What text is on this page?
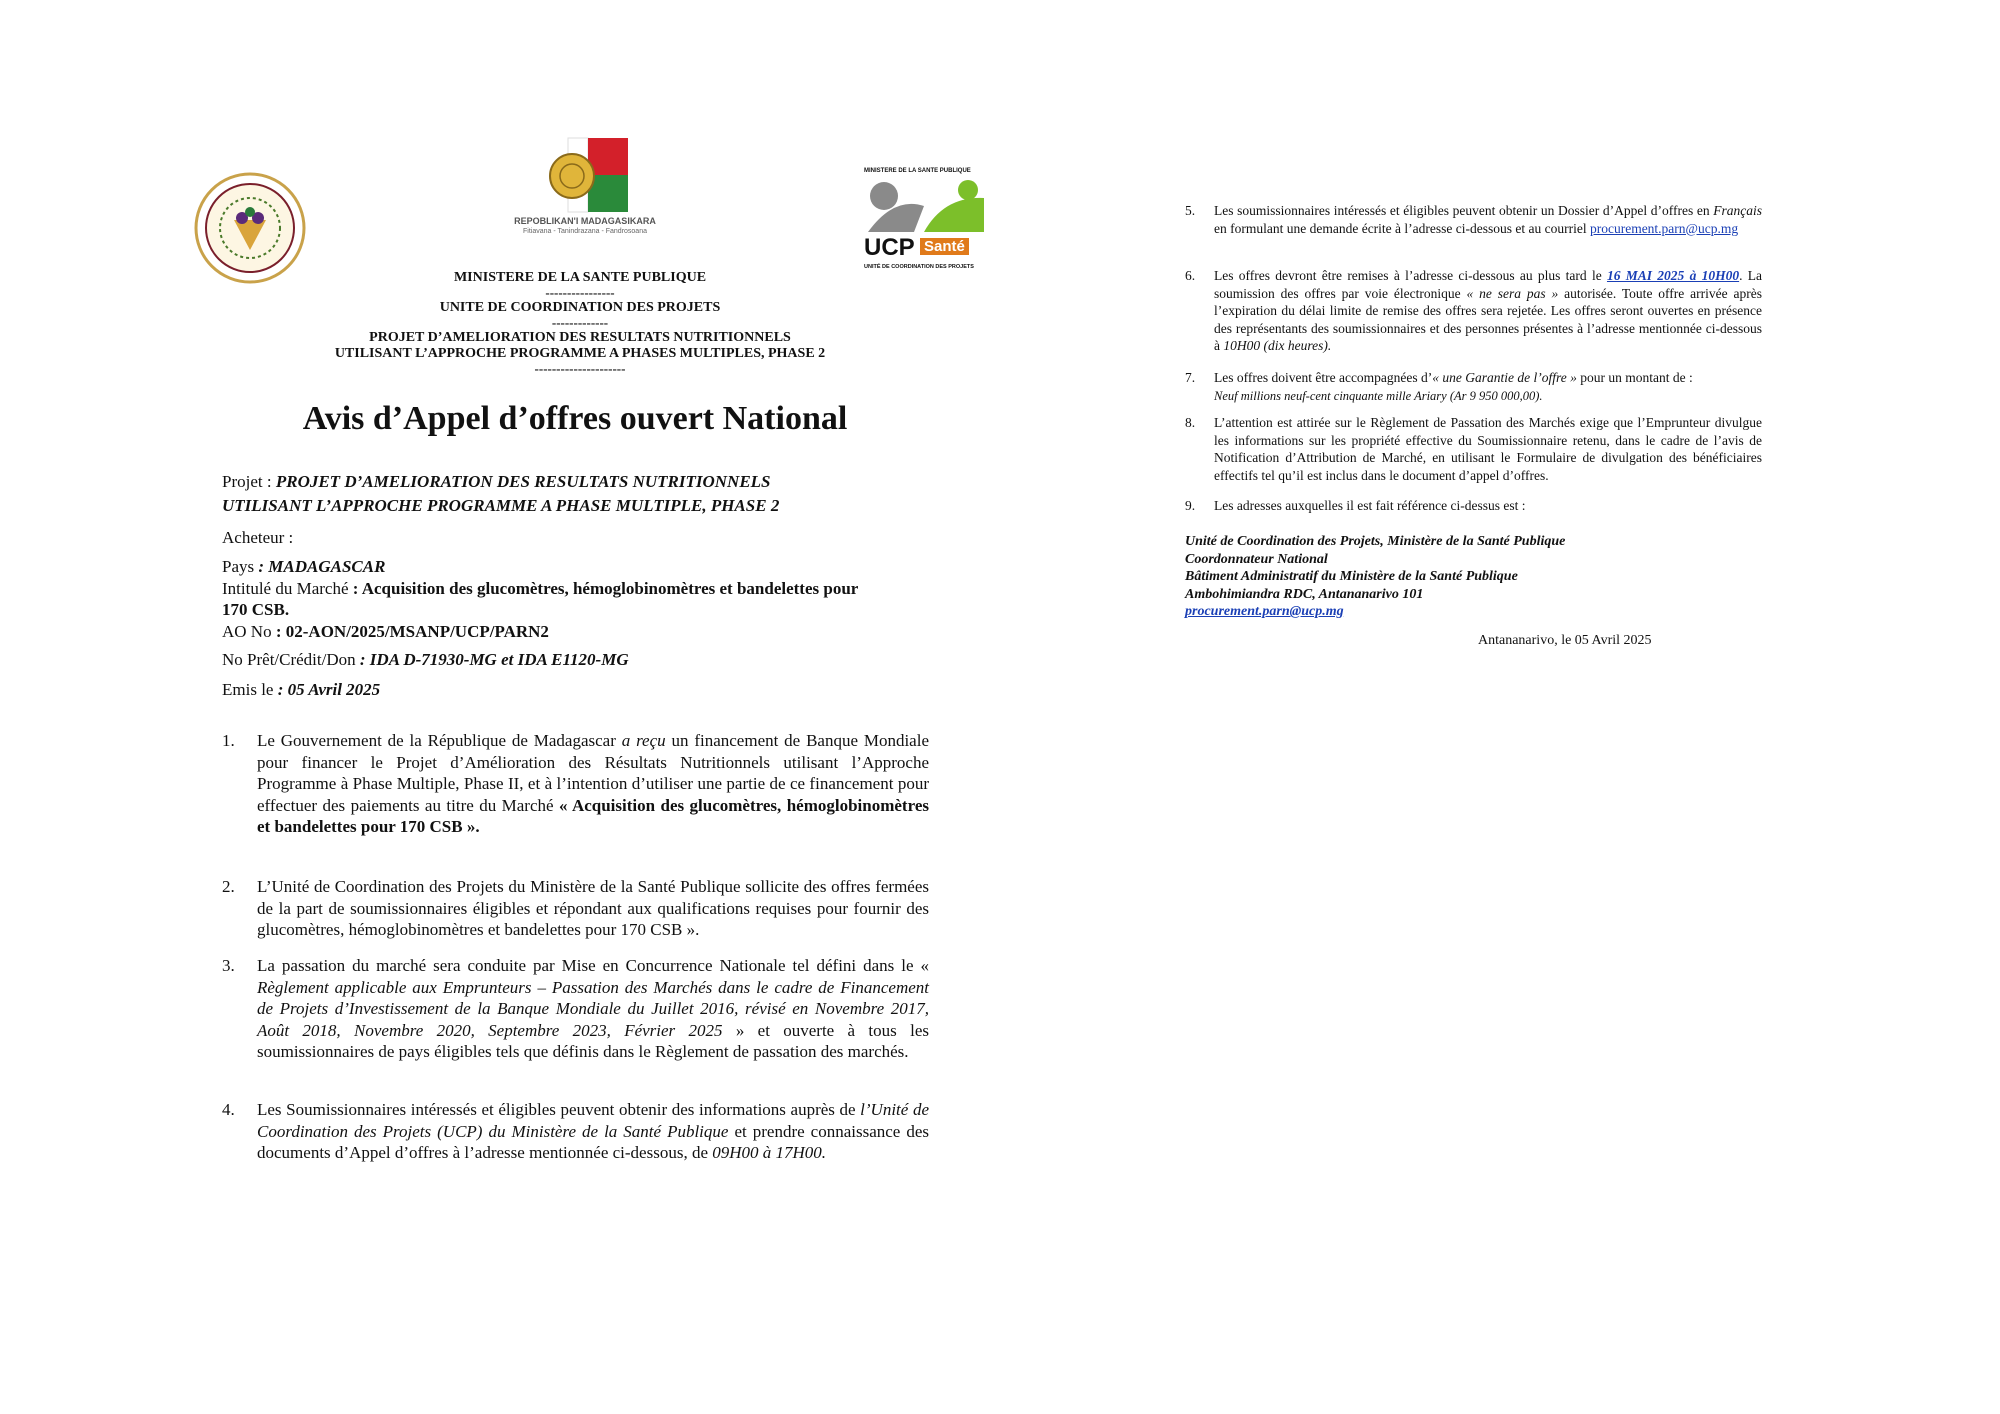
REPOBLIKAN'I MADAGASIKARA
Fitiavana - Tanindrazana - Fandrosoana
MINISTERE DE LA SANTE PUBLIQUE
UCP Santé
UNITÉ DE COORDINATION DES PROJETS
MINISTERE DE LA SANTE PUBLIQUE
----------------
UNITE DE COORDINATION DES PROJETS
-------------
PROJET D’AMELIORATION DES RESULTATS NUTRITIONNELS
UTILISANT L’APPROCHE PROGRAMME A PHASES MULTIPLES, PHASE 2
---------------------
Avis d’Appel d’offres ouvert National
Projet : PROJET D’AMELIORATION DES RESULTATS NUTRITIONNELS
UTILISANT L’APPROCHE PROGRAMME A PHASE MULTIPLE, PHASE 2
Acheteur :
Pays : MADAGASCAR
Intitulé du Marché : Acquisition des glucomètres, hémoglobinomètres et bandelettes pour
170 CSB.
AO No : 02-AON/2025/MSANP/UCP/PARN2
No Prêt/Crédit/Don : IDA D-71930-MG et IDA E1120-MG
Emis le : 05 Avril 2025
1. Le Gouvernement de la République de Madagascar a reçu un financement de Banque Mondiale pour financer le Projet d’Amélioration des Résultats Nutritionnels utilisant l’Approche Programme à Phase Multiple, Phase II, et à l’intention d’utiliser une partie de ce financement pour effectuer des paiements au titre du Marché « Acquisition des glucomètres, hémoglobinomètres et bandelettes pour 170 CSB ».
2. L’Unité de Coordination des Projets du Ministère de la Santé Publique sollicite des offres fermées de la part de soumissionnaires éligibles et répondant aux qualifications requises pour fournir des glucomètres, hémoglobinomètres et bandelettes pour 170 CSB ».
3. La passation du marché sera conduite par Mise en Concurrence Nationale tel défini dans le « Règlement applicable aux Emprunteurs – Passation des Marchés dans le cadre de Financement de Projets d’Investissement de la Banque Mondiale du Juillet 2016, révisé en Novembre 2017, Août 2018, Novembre 2020, Septembre 2023, Février 2025 » et ouverte à tous les soumissionnaires de pays éligibles tels que définis dans le Règlement de passation des marchés.
4. Les Soumissionnaires intéressés et éligibles peuvent obtenir des informations auprès de l’Unité de Coordination des Projets (UCP) du Ministère de la Santé Publique et prendre connaissance des documents d’Appel d’offres à l’adresse mentionnée ci-dessous, de 09H00 à 17H00.
5. Les soumissionnaires intéressés et éligibles peuvent obtenir un Dossier d’Appel d’offres en Français en formulant une demande écrite à l’adresse ci-dessous et au courriel procurement.parn@ucp.mg
6. Les offres devront être remises à l’adresse ci-dessous au plus tard le 16 MAI 2025 à 10H00. La soumission des offres par voie électronique « ne sera pas » autorisée. Toute offre arrivée après l’expiration du délai limite de remise des offres sera rejetée. Les offres seront ouvertes en présence des représentants des soumissionnaires et des personnes présentes à l’adresse mentionnée ci-dessous à 10H00 (dix heures).
7. Les offres doivent être accompagnées d’« une Garantie de l’offre » pour un montant de :
Neuf millions neuf-cent cinquante mille Ariary (Ar 9 950 000,00).
8. L’attention est attirée sur le Règlement de Passation des Marchés exige que l’Emprunteur divulgue les informations sur les propriété effective du Soumissionnaire retenu, dans le cadre de l’avis de Notification d’Attribution de Marché, en utilisant le Formulaire de divulgation des bénéficiaires effectifs tel qu’il est inclus dans le document d’appel d’offres.
9. Les adresses auxquelles il est fait référence ci-dessus est :
Unité de Coordination des Projets, Ministère de la Santé Publique
Coordonnateur National
Bâtiment Administratif du Ministère de la Santé Publique
Ambohimiandra RDC, Antananarivo 101
procurement.parn@ucp.mg
Antananarivo, le 05 Avril 2025
